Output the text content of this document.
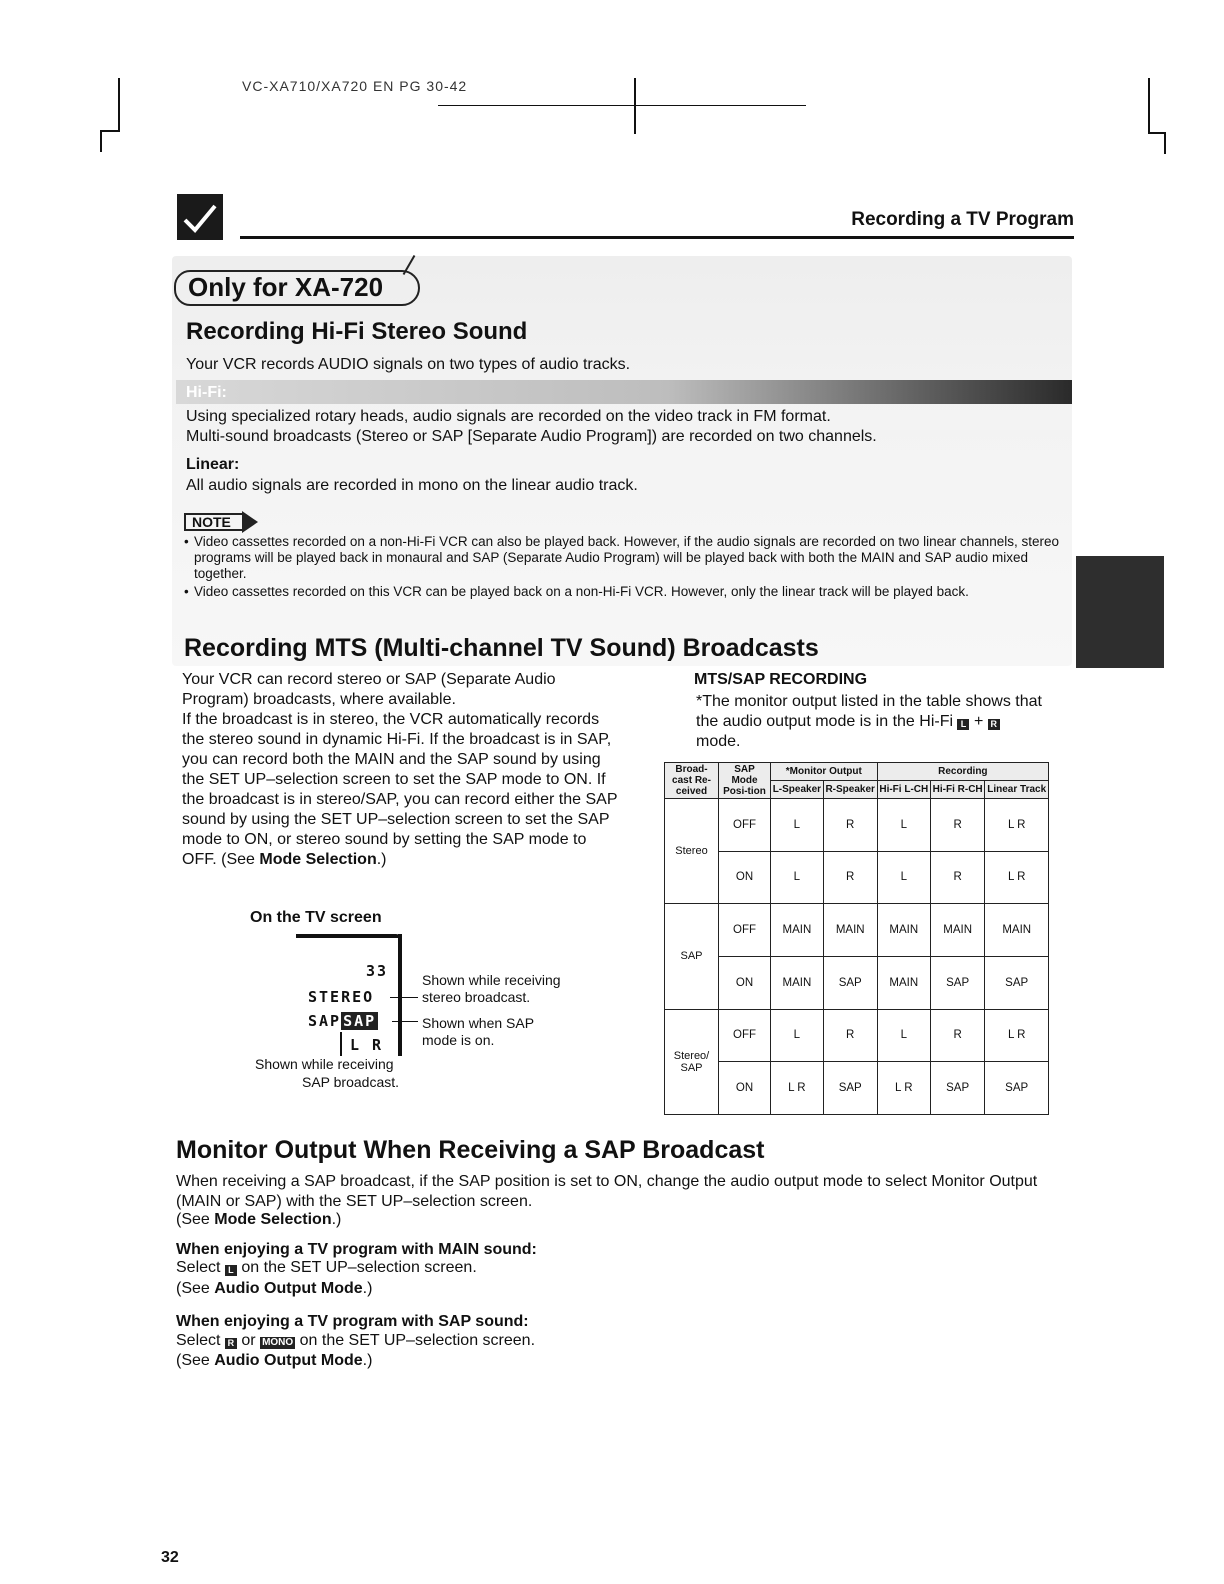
VC-XA710/XA720 EN PG 30-42
Recording a TV Program
Only for XA-720
Recording Hi-Fi Stereo Sound
Your VCR records AUDIO signals on two types of audio tracks.
Hi-Fi:
Using specialized rotary heads, audio signals are recorded on the video track in FM format.
Multi-sound broadcasts (Stereo or SAP [Separate Audio Program]) are recorded on two channels.
Linear:
All audio signals are recorded in mono on the linear audio track.
NOTE
• Video cassettes recorded on a non-Hi-Fi VCR can also be played back. However, if the audio signals are recorded on two linear channels, stereo programs will be played back in monaural and SAP (Separate Audio Program) will be played back with both the MAIN and SAP audio mixed together.
• Video cassettes recorded on this VCR can be played back on a non-Hi-Fi VCR. However, only the linear track will be played back.
Recording MTS (Multi-channel TV Sound) Broadcasts
Your VCR can record stereo or SAP (Separate Audio Program) broadcasts, where available.
If the broadcast is in stereo, the VCR automatically records the stereo sound in dynamic Hi-Fi. If the broadcast is in SAP, you can record both the MAIN and the SAP sound by using the SET UP–selection screen to set the SAP mode to ON. If the broadcast is in stereo/SAP, you can record either the SAP sound by using the SET UP–selection screen to set the SAP mode to ON, or stereo sound by setting the SAP mode to OFF. (See Mode Selection.)
On the TV screen
33
STEREO
SAP SAP
L R
Shown while receiving stereo broadcast.
Shown when SAP mode is on.
Shown while receiving
SAP broadcast.
MTS/SAP RECORDING
*The monitor output listed in the table shows that the audio output mode is in the Hi-Fi L + R mode.
Broad-cast Re-ceived	SAP Mode Posi-tion	*Monitor Output		Recording		
		L-Speaker	R-Speaker	Hi-Fi L-CH	Hi-Fi R-CH	Linear Track
Stereo	OFF	L	R	L	R	L R
	ON	L	R	L	R	L R
SAP	OFF	MAIN	MAIN	MAIN	MAIN	MAIN
	ON	MAIN	SAP	MAIN	SAP	SAP
Stereo/ SAP	OFF	L	R	L	R	L R
	ON	L R	SAP	L R	SAP	SAP
Monitor Output When Receiving a SAP Broadcast
When receiving a SAP broadcast, if the SAP position is set to ON, change the audio output mode to select Monitor Output (MAIN or SAP) with the SET UP–selection screen.
(See Mode Selection.)
When enjoying a TV program with MAIN sound:
Select L on the SET UP–selection screen.
(See Audio Output Mode.)
When enjoying a TV program with SAP sound:
Select R or MONO on the SET UP–selection screen.
(See Audio Output Mode.)
32
